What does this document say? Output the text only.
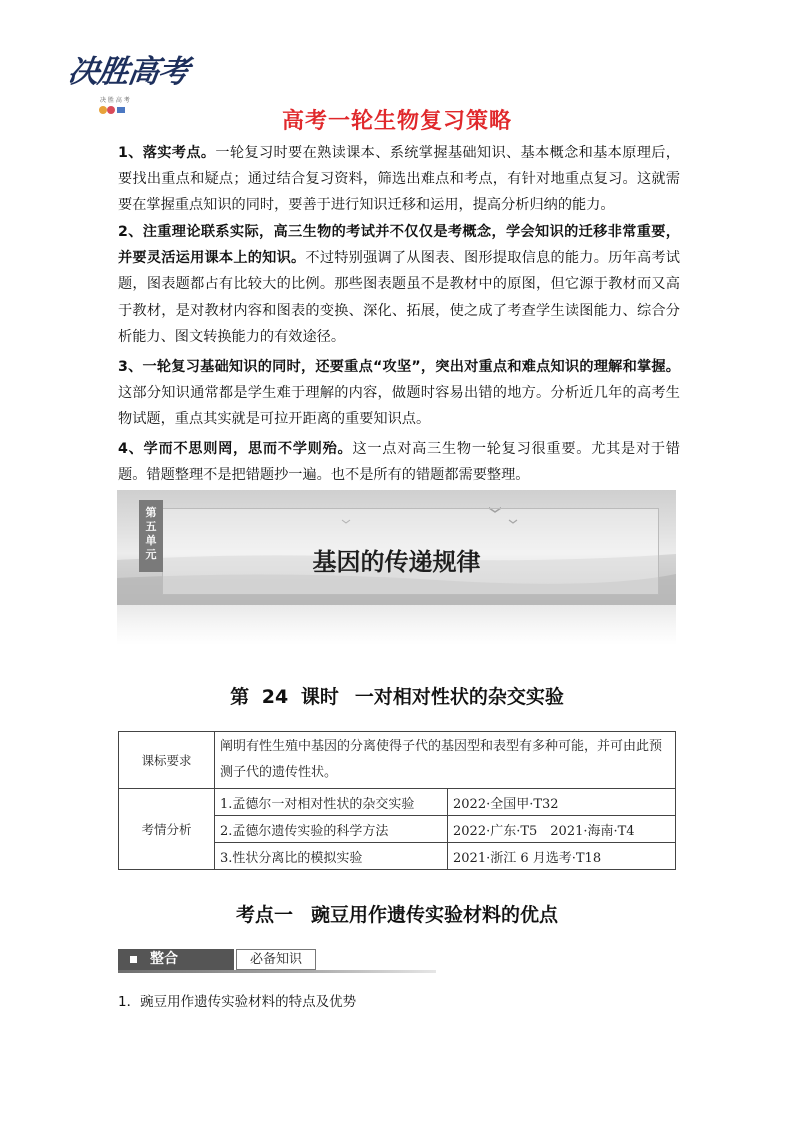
决胜高考
决 胜 高 考
高考一轮生物复习策略
1、落实考点。一轮复习时要在熟读课本、系统掌握基础知识、基本概念和基本原理后，要找出重点和疑点；通过结合复习资料，筛选出难点和考点，有针对地重点复习。这就需要在掌握重点知识的同时，要善于进行知识迁移和运用，提高分析归纳的能力。
2、注重理论联系实际，高三生物的考试并不仅仅是考概念，学会知识的迁移非常重要，并要灵活运用课本上的知识。不过特别强调了从图表、图形提取信息的能力。历年高考试题，图表题都占有比较大的比例。那些图表题虽不是教材中的原图，但它源于教材而又高于教材，是对教材内容和图表的变换、深化、拓展，使之成了考查学生读图能力、综合分析能力、图文转换能力的有效途径。
3、一轮复习基础知识的同时，还要重点“攻坚”，突出对重点和难点知识的理解和掌握。这部分知识通常都是学生难于理解的内容，做题时容易出错的地方。分析近几年的高考生物试题，重点其实就是可拉开距离的重要知识点。
4、学而不思则罔，思而不学则殆。这一点对高三生物一轮复习很重要。尤其是对于错题。错题整理不是把错题抄一遍。也不是所有的错题都需要整理。
第
五
单
元	基因的传递规律
第 24 课时 一对相对性状的杂交实验
课标要求	阐明有性生殖中基因的分离使得子代的基因型和表型有多种可能，并可由此预测子代的遗传性状。	
考情分析	1.孟德尔一对相对性状的杂交实验	2022·全国甲·T32
	2.孟德尔遗传实验的科学方法	2022·广东·T5　2021·海南·T4
	3.性状分离比的模拟实验	2021·浙江 6 月选考·T18
考点一 豌豆用作遗传实验材料的优点
整合	必备知识
1．豌豆用作遗传实验材料的特点及优势
